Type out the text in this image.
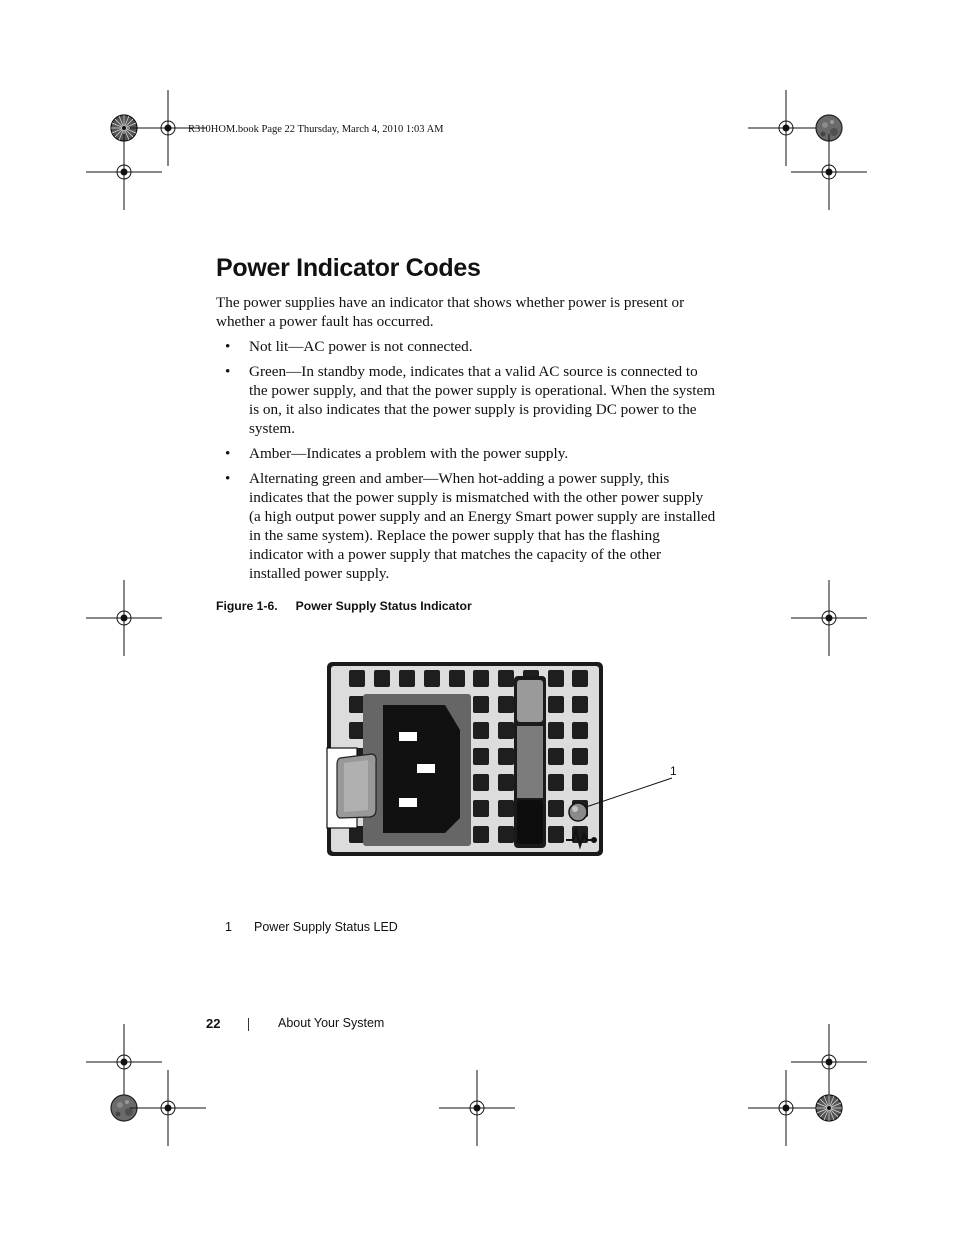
R310HOM.book Page 22 Thursday, March 4, 2010 1:03 AM
Power Indicator Codes

The power supplies have an indicator that shows whether power is present or whether a power fault has occurred.

• Not lit—AC power is not connected.
• Green—In standby mode, indicates that a valid AC source is connected to the power supply, and that the power supply is operational. When the system is on, it also indicates that the power supply is providing DC power to the system.
• Amber—Indicates a problem with the power supply.
• Alternating green and amber—When hot-adding a power supply, this indicates that the power supply is mismatched with the other power supply (a high output power supply and an Energy Smart power supply are installed in the same system). Replace the power supply that has the flashing indicator with a power supply that matches the capacity of the other installed power supply.
Figure 1-6. Power Supply Status Indicator
1
1 Power Supply Status LED
22	About Your System
